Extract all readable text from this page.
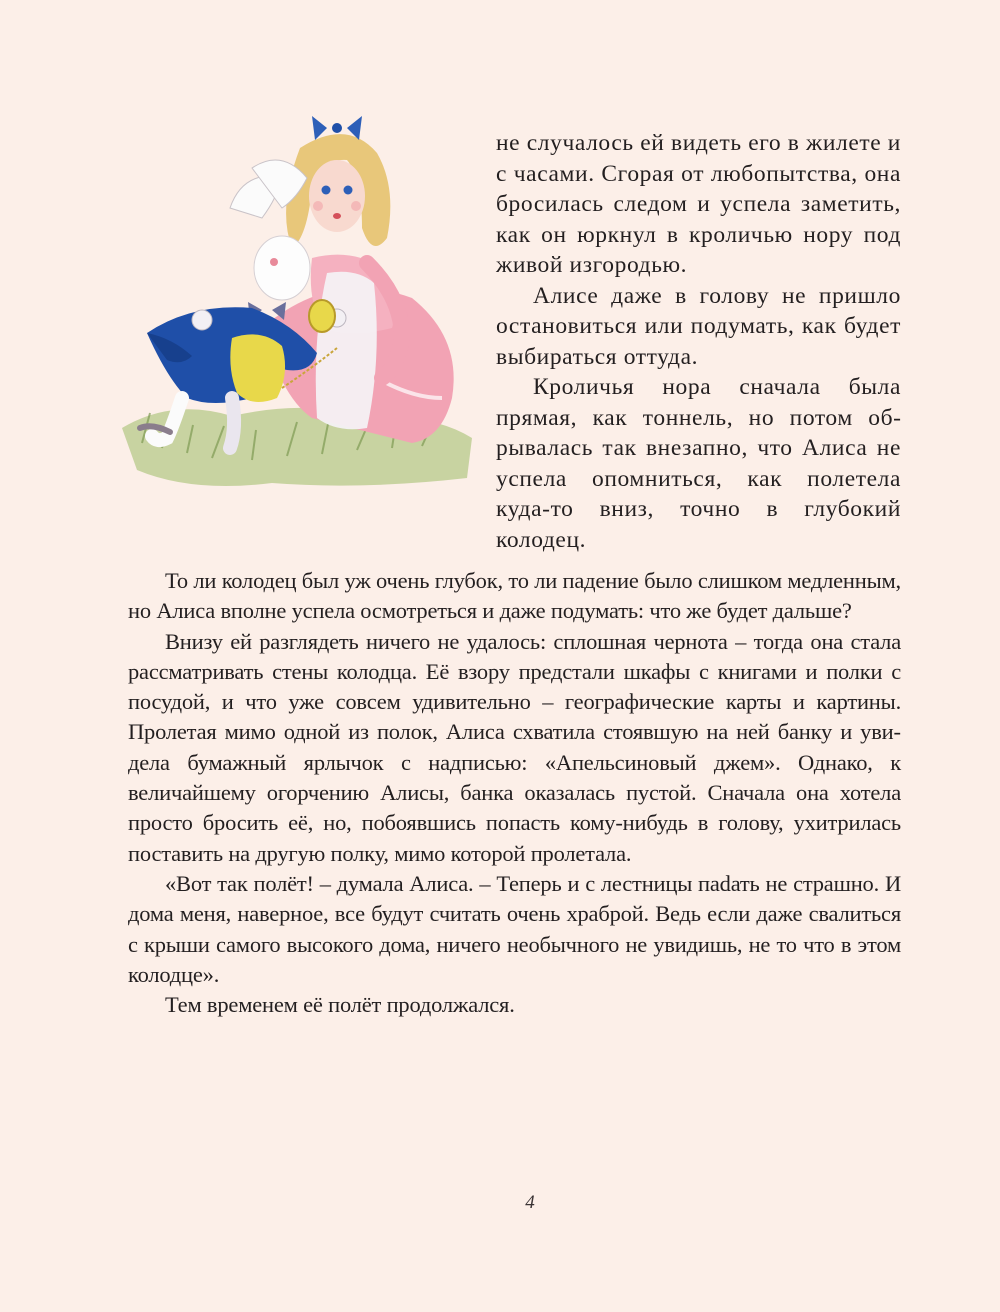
не случалось ей видеть его в жилете и с часами. Сгорая от любопытства, она бросилась следом и успела заметить, как он юркнул в кроличью нору под живой изгородью.

Алисе даже в голову не пришло остановиться или подумать, как будет выбираться оттуда.

Кроличья нора сначала была прямая, как тоннель, но потом обрывалась так внезапно, что Алиса не успела опомниться, как полетела куда-то вниз, точно в глубокий колодец.

То ли колодец был уж очень глубок, то ли падение было слишком медленным, но Алиса вполне успела осмотреться и даже подумать: что же будет дальше?

Внизу ей разглядеть ничего не удалось: сплошная чернота – тогда она стала рассматривать стены колодца. Её взору предстали шкафы с книгами и полки с посудой, и что уже совсем удивительно – географические карты и картины. Пролетая мимо одной из полок, Алиса схватила стоявшую на ней банку и увидела бумажный ярлычок с надписью: «Апельсиновый джем». Однако, к величайшему огорчению Алисы, банка оказалась пустой. Сначала она хотела просто бросить её, но, побоявшись попасть кому-нибудь в голову, ухитрилась поставить на другую полку, мимо которой пролетала.

«Вот так полёт! – думала Алиса. – Теперь и с лестницы паdать не страшно. И дома меня, наверное, все будут считать очень храброй. Ведь если даже свалиться с крыши самого высокого дома, ничего необычного не увидишь, не то что в этом колодце».

Тем временем её полёт продолжался.

4
